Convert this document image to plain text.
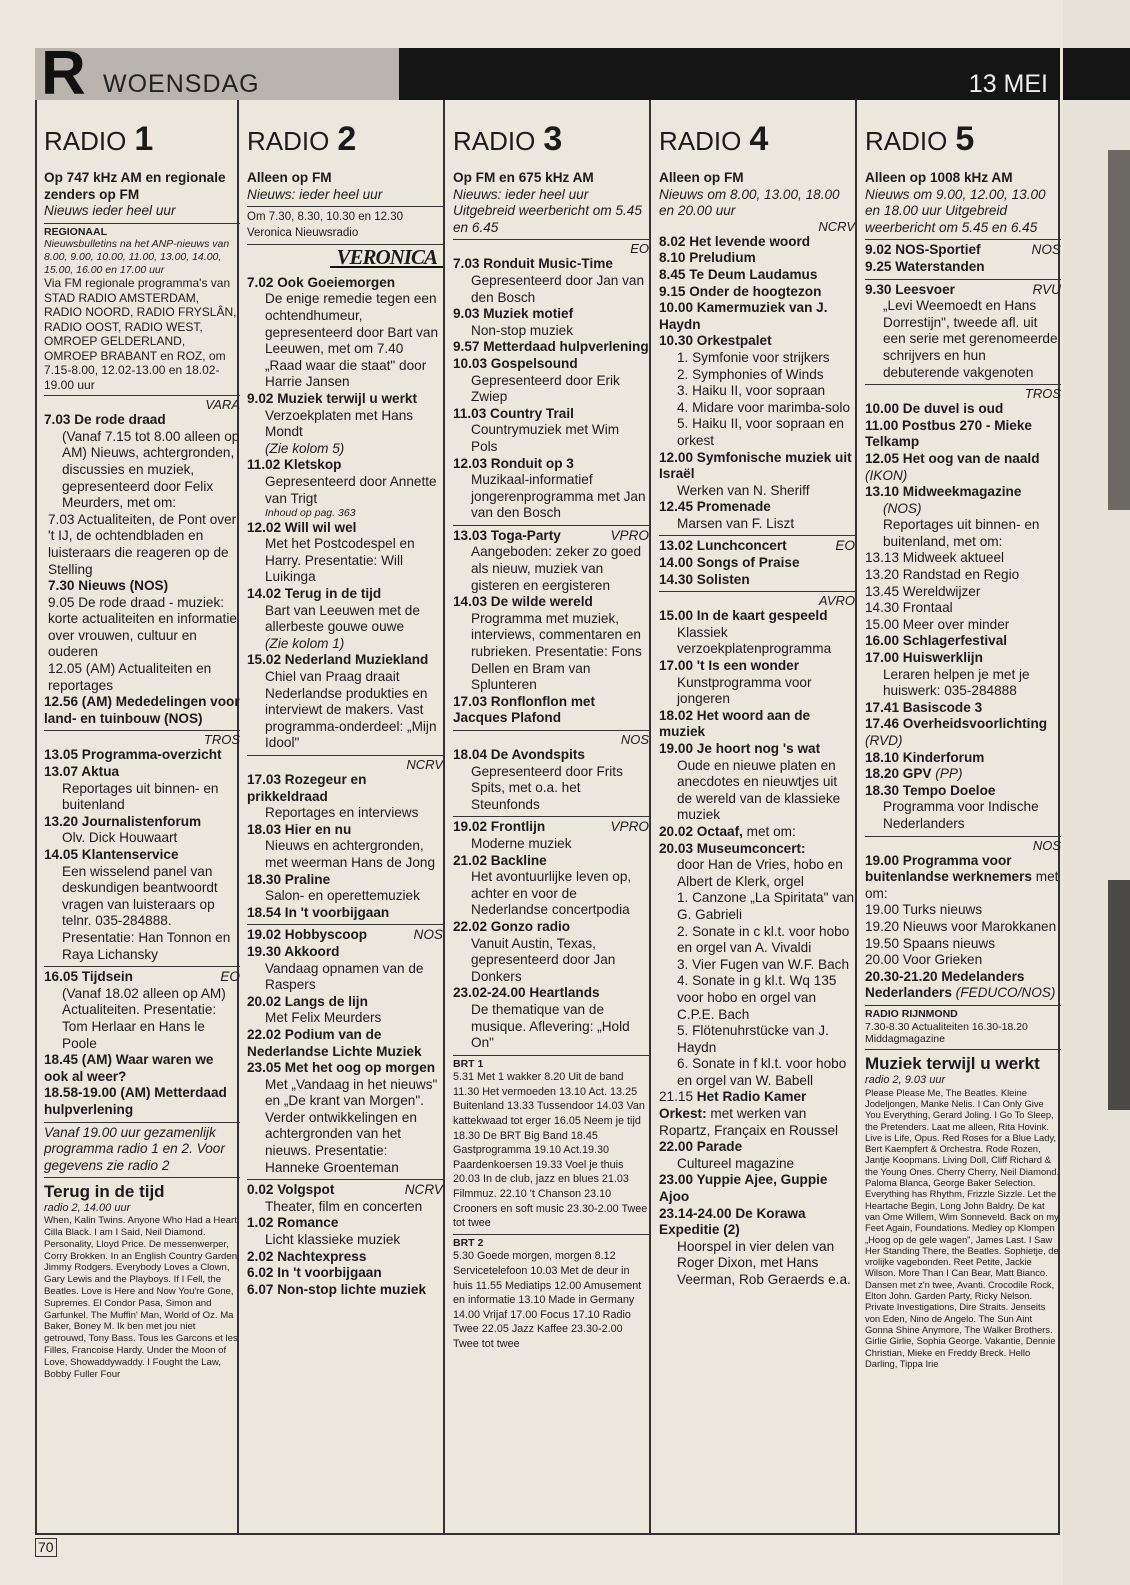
R WOENSDAG	13 MEI
RADIO 1
Op 747 kHz AM en regionale zenders op FM
Nieuws ieder heel uur
REGIONAAL
Nieuwsbulletins na het ANP-nieuws van 8.00, 9.00, 10.00, 11.00, 13.00, 14.00, 15.00, 16.00 en 17.00 uur
Via FM regionale programma's van STAD RADIO AMSTERDAM, RADIO NOORD, RADIO FRYSLÂN, RADIO OOST, RADIO WEST, OMROEP GELDERLAND, OMROEP BRABANT en ROZ, om 7.15-8.00, 12.02-13.00 en 18.02-19.00 uur
VARA
7.03 De rode draad
(Vanaf 7.15 tot 8.00 alleen op AM) Nieuws, achtergronden, discussies en muziek, gepresenteerd door Felix Meurders, met om:
7.03 Actualiteiten, de Pont over 't IJ, de ochtendbladen en luisteraars die reageren op de Stelling
7.30 Nieuws (NOS)
9.05 De rode draad - muziek: korte actualiteiten en informatie over vrouwen, cultuur en ouderen
12.05 (AM) Actualiteiten en reportages
12.56 (AM) Mededelingen voor land- en tuinbouw (NOS)
TROS
13.05 Programma-overzicht
13.07 Aktua
Reportages uit binnen- en buitenland
13.20 Journalistenforum
Olv. Dick Houwaart
14.05 Klantenservice
Een wisselend panel van deskundigen beantwoordt vragen van luisteraars op telnr. 035-284888. Presentatie: Han Tonnon en Raya Lichansky
16.05 Tijdsein	EO
(Vanaf 18.02 alleen op AM) Actualiteiten. Presentatie: Tom Herlaar en Hans le Poole
18.45 (AM) Waar waren we ook al weer?
18.58-19.00 (AM) Metterdaad hulpverlening
Vanaf 19.00 uur gezamenlijk programma radio 1 en 2. Voor gegevens zie radio 2
Terug in de tijd
radio 2, 14.00 uur
When, Kalin Twins. Anyone Who Had a Heart, Cilla Black. I am I Said, Neil Diamond. Personality, Lloyd Price. De messenwerper, Corry Brokken. In an English Country Garden, Jimmy Rodgers. Everybody Loves a Clown, Gary Lewis and the Playboys. If I Fell, the Beatles. Love is Here and Now You're Gone, Supremes. El Condor Pasa, Simon and Garfunkel. The Muffin' Man, World of Oz. Ma Baker, Boney M. Ik ben met jou niet getrouwd, Tony Bass. Tous les Garcons et les Filles, Francoise Hardy. Under the Moon of Love, Showaddywaddy. I Fought the Law, Bobby Fuller Four
RADIO 2
Alleen op FM
Nieuws: ieder heel uur
Om 7.30, 8.30, 10.30 en 12.30 Veronica Nieuwsradio
VERONICA
7.02 Ook Goeiemorgen
De enige remedie tegen een ochtendhumeur, gepresenteerd door Bart van Leeuwen, met om 7.40 „Raad waar die staat" door Harrie Jansen
9.02 Muziek terwijl u werkt
Verzoekplaten met Hans Mondt
(Zie kolom 5)
11.02 Kletskop
Gepresenteerd door Annette van Trigt
Inhoud op pag. 363
12.02 Will wil wel
Met het Postcodespel en Harry. Presentatie: Will Luikinga
14.02 Terug in de tijd
Bart van Leeuwen met de allerbeste gouwe ouwe
(Zie kolom 1)
15.02 Nederland Muziekland
Chiel van Praag draait Nederlandse produkties en interviewt de makers. Vast programma-onderdeel: „Mijn Idool"
NCRV
17.03 Rozegeur en prikkeldraad
Reportages en interviews
18.03 Hier en nu
Nieuws en achtergronden, met weerman Hans de Jong
18.30 Praline
Salon- en operettemuziek
18.54 In 't voorbijgaan
19.02 Hobbyscoop	NOS
19.30 Akkoord
Vandaag opnamen van de Raspers
20.02 Langs de lijn
Met Felix Meurders
22.02 Podium van de Nederlandse Lichte Muziek
23.05 Met het oog op morgen
Met „Vandaag in het nieuws" en „De krant van Morgen". Verder ontwikkelingen en achtergronden van het nieuws. Presentatie: Hanneke Groenteman
0.02 Volgspot	NCRV
Theater, film en concerten
1.02 Romance
Licht klassieke muziek
2.02 Nachtexpress
6.02 In 't voorbijgaan
6.07 Non-stop lichte muziek
RADIO 3
Op FM en 675 kHz AM
Nieuws: ieder heel uur Uitgebreid weerbericht om 5.45 en 6.45
EO
7.03 Ronduit Music-Time
Gepresenteerd door Jan van den Bosch
9.03 Muziek motief
Non-stop muziek
9.57 Metterdaad hulpverlening
10.03 Gospelsound
Gepresenteerd door Erik Zwiep
11.03 Country Trail
Countrymuziek met Wim Pols
12.03 Ronduit op 3
Muzikaal-informatief jongerenprogramma met Jan van den Bosch
13.03 Toga-Party	VPRO
Aangeboden: zeker zo goed als nieuw, muziek van gisteren en eergisteren
14.03 De wilde wereld
Programma met muziek, interviews, commentaren en rubrieken. Presentatie: Fons Dellen en Bram van Splunteren
17.03 Ronflonflon met Jacques Plafond
NOS
18.04 De Avondspits
Gepresenteerd door Frits Spits, met o.a. het Steunfonds
19.02 Frontlijn	VPRO
Moderne muziek
21.02 Backline
Het avontuurlijke leven op, achter en voor de Nederlandse concertpodia
22.02 Gonzo radio
Vanuit Austin, Texas, gepresenteerd door Jan Donkers
23.02-24.00 Heartlands
De thematique van de musique. Aflevering: „Hold On"
BRT 1
5.31 Met 1 wakker 8.20 Uit de band 11.30 Het vermoeden 13.10 Act. 13.25 Buitenland 13.33 Tussendoor 14.03 Van kattekwaad tot erger 16.05 Neem je tijd 18.30 De BRT Big Band 18.45 Gastprogramma 19.10 Act.19.30 Paardenkoersen 19.33 Voel je thuis 20.03 In de club, jazz en blues 21.03 Filmmuz. 22.10 't Chanson 23.10 Crooners en soft music 23.30-2.00 Twee tot twee
BRT 2
5.30 Goede morgen, morgen 8.12 Servicetelefoon 10.03 Met de deur in huis 11.55 Mediatips 12.00 Amusement en informatie 13.10 Made in Germany 14.00 Vrijaf 17.00 Focus 17.10 Radio Twee 22.05 Jazz Kaffee 23.30-2.00 Twee tot twee
RADIO 4
Alleen op FM
Nieuws om 8.00, 13.00, 18.00 en 20.00 uur
NCRV
8.02 Het levende woord
8.10 Preludium
8.45 Te Deum Laudamus
9.15 Onder de hoogtezon
10.00 Kamermuziek van J. Haydn
10.30 Orkestpalet
1. Symfonie voor strijkers
2. Symphonies of Winds
3. Haiku II, voor sopraan
4. Midare voor marimba-solo
5. Haiku II, voor sopraan en orkest
12.00 Symfonische muziek uit Israël
Werken van N. Sheriff
12.45 Promenade
Marsen van F. Liszt
13.02 Lunchconcert	EO
14.00 Songs of Praise
14.30 Solisten
AVRO
15.00 In de kaart gespeeld
Klassiek verzoekplatenprogramma
17.00 't Is een wonder
Kunstprogramma voor jongeren
18.02 Het woord aan de muziek
19.00 Je hoort nog 's wat
Oude en nieuwe platen en anecdotes en nieuwtjes uit de wereld van de klassieke muziek
20.02 Octaaf, met om:
20.03 Museumconcert:
door Han de Vries, hobo en Albert de Klerk, orgel
1. Canzone „La Spiritata" van G. Gabrieli
2. Sonate in c kl.t. voor hobo en orgel van A. Vivaldi
3. Vier Fugen van W.F. Bach
4. Sonate in g kl.t. Wq 135 voor hobo en orgel van C.P.E. Bach
5. Flötenuhrstücke van J. Haydn
6. Sonate in f kl.t. voor hobo en orgel van W. Babell
21.15 Het Radio Kamer Orkest: met werken van Ropartz, Françaix en Roussel
22.00 Parade
Cultureel magazine
23.00 Yuppie Ajee, Guppie Ajoo
23.14-24.00 De Korawa Expeditie (2)
Hoorspel in vier delen van Roger Dixon, met Hans Veerman, Rob Geraerds e.a.
RADIO 5
Alleen op 1008 kHz AM
Nieuws om 9.00, 12.00, 13.00 en 18.00 uur Uitgebreid weerbericht om 5.45 en 6.45
9.02 NOS-Sportief	NOS
9.25 Waterstanden
9.30 Leesvoer	RVU
„Levi Weemoedt en Hans Dorrestijn", tweede afl. uit een serie met gerenomeerde schrijvers en hun debuterende vakgenoten
TROS
10.00 De duvel is oud
11.00 Postbus 270 - Mieke Telkamp
12.05 Het oog van de naald (IKON)
13.10 Midweekmagazine
(NOS)
Reportages uit binnen- en buitenland, met om:
13.13 Midweek aktueel
13.20 Randstad en Regio
13.45 Wereldwijzer
14.30 Frontaal
15.00 Meer over minder
16.00 Schlagerfestival
17.00 Huiswerklijn
Leraren helpen je met je huiswerk: 035-284888
17.41 Basiscode 3
17.46 Overheidsvoorlichting (RVD)
18.10 Kinderforum
18.20 GPV (PP)
18.30 Tempo Doeloe
Programma voor Indische Nederlanders
NOS
19.00 Programma voor buitenlandse werknemers met om:
19.00 Turks nieuws
19.20 Nieuws voor Marokkanen
19.50 Spaans nieuws
20.00 Voor Grieken
20.30-21.20 Medelanders Nederlanders (FEDUCO/NOS)
RADIO RIJNMOND
7.30-8.30 Actualiteiten 16.30-18.20 Middagmagazine
Muziek terwijl u werkt
radio 2, 9.03 uur
Please Please Me, The Beatles. Kleine Jodeljongen, Manke Nelis. I Can Only Give You Everything, Gerard Joling. I Go To Sleep, the Pretenders. Laat me alleen, Rita Hovink. Live is Life, Opus. Red Roses for a Blue Lady, Bert Kaempfert & Orchestra. Rode Rozen, Jantje Koopmans. Living Doll, Cliff Richard & the Young Ones. Cherry Cherry, Neil Diamond. Paloma Blanca, George Baker Selection. Everything has Rhythm, Frizzle Sizzle. Let the Heartache Begin, Long John Baldry. De kat van Ome Willem, Wim Sonneveld. Back on my Feet Again, Foundations. Medley op Klompen „Hoog op de gele wagen", James Last. I Saw Her Standing There, the Beatles. Sophietje, de vrolijke vagebonden. Reet Petite, Jackie Wilson. More Than I Can Bear, Matt Bianco. Dansen met z'n twee, Avanti. Crocodile Rock, Elton John. Garden Party, Ricky Nelson. Private Investigations, Dire Straits. Jenseits von Eden, Nino de Angelo. The Sun Aint Gonna Shine Anymore, The Walker Brothers. Girlie Girlie, Sophia George. Vakantie, Dennie Christian, Mieke en Freddy Breck. Hello Darling, Tippa Irie
70
